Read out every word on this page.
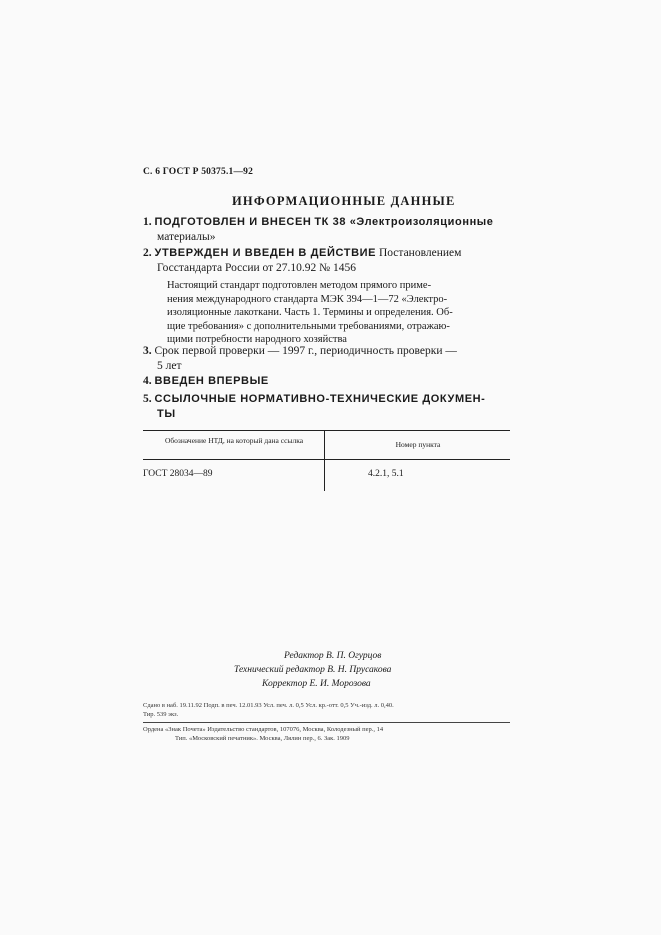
С. 6 ГОСТ Р 50375.1—92
ИНФОРМАЦИОННЫЕ ДАННЫЕ
1. ПОДГОТОВЛЕН И ВНЕСЕН ТК 38 «Электроизоляционные
материалы»
2. УТВЕРЖДЕН И ВВЕДЕН В ДЕЙСТВИЕ Постановлением
Госстандарта России от 27.10.92 № 1456
Настоящий стандарт подготовлен методом прямого приме-
нения международного стандарта МЭК 394—1—72 «Электро-
изоляционные лакоткани. Часть 1. Термины и определения. Об-
щие требования» с дополнительными требованиями, отражаю-
щими потребности народного хозяйства
3. Срок первой проверки — 1997 г., периодичность проверки —
5 лет
4. ВВЕДЕН ВПЕРВЫЕ
5. ССЫЛОЧНЫЕ НОРМАТИВНО-ТЕХНИЧЕСКИЕ ДОКУМЕН-
ТЫ
Обозначение НТД, на который дана ссылка	Номер пункта
ГОСТ 28034—89	4.2.1, 5.1
Редактор В. П. Огурцов
Технический редактор В. Н. Прусакова
Корректор Е. И. Морозова
Сдано в наб. 19.11.92 Подп. в печ. 12.01.93 Усл. печ. л. 0,5 Усл. кр.-отт. 0,5 Уч.-изд. л. 0,40.
Тир. 539 экз.
Ордена «Знак Почета» Издательство стандартов, 107076, Москва, Колодезный пер., 14
Тип. «Московский печатник». Москва, Лялин пер., 6. Зак. 1909
